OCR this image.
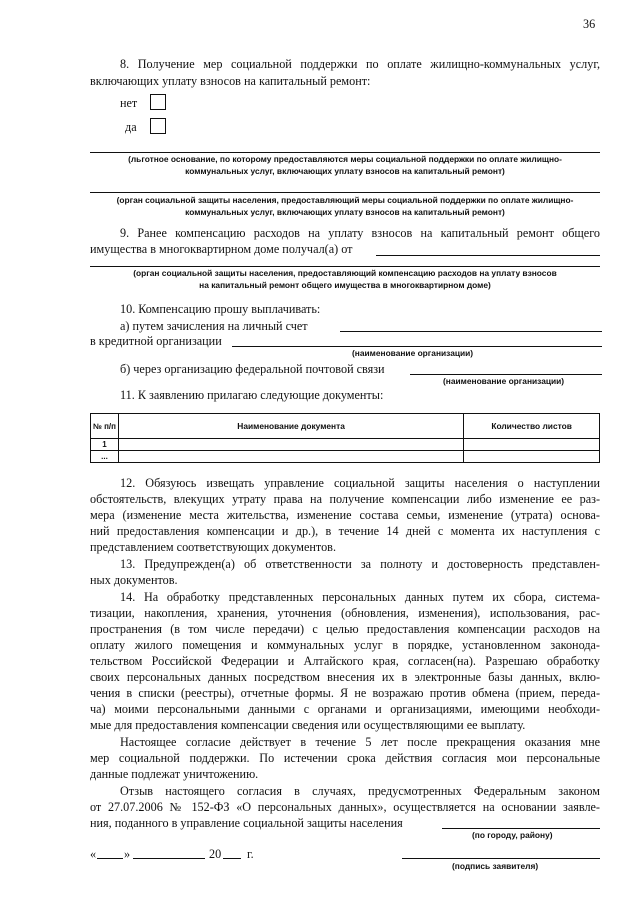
36
8. Получение мер социальной поддержки по оплате жилищно-коммунальных услуг,
включающих уплату взносов на капитальный ремонт:
нет
да
(льготное основание, по которому предоставляются меры социальной поддержки по оплате жилищно-
коммунальных услуг, включающих уплату взносов на капитальный ремонт)
(орган социальной защиты населения, предоставляющий меры социальной поддержки по оплате жилищно-
коммунальных услуг, включающих уплату взносов на капитальный ремонт)
9. Ранее компенсацию расходов на уплату взносов на капитальный ремонт общего
имущества в многоквартирном доме получал(а) от
(орган социальной защиты населения, предоставляющий компенсацию расходов на уплату взносов
на капитальный ремонт общего имущества в многоквартирном доме)
10. Компенсацию прошу выплачивать:
а) путем зачисления на личный счет
в кредитной организации
(наименование организации)
б) через организацию федеральной почтовой связи
(наименование организации)
11. К заявлению прилагаю следующие документы:
№ п/п	Наименование документа	Количество листов
1		
...		
12. Обязуюсь извещать управление социальной защиты населения о наступлении
обстоятельств, влекущих утрату права на получение компенсации либо изменение ее раз-
мера (изменение места жительства, изменение состава семьи, изменение (утрата) основа-
ний предоставления компенсации и др.), в течение 14 дней с момента их наступления с
представлением соответствующих документов.
13. Предупрежден(а) об ответственности за полноту и достоверность представлен-
ных документов.
14. На обработку представленных персональных данных путем их сбора, система-
тизации, накопления, хранения, уточнения (обновления, изменения), использования, рас-
пространения (в том числе передачи) с целью предоставления компенсации расходов на
оплату жилого помещения и коммунальных услуг в порядке, установленном законода-
тельством Российской Федерации и Алтайского края, согласен(на). Разрешаю обработку
своих персональных данных посредством внесения их в электронные базы данных, вклю-
чения в списки (реестры), отчетные формы. Я не возражаю против обмена (прием, переда-
ча) моими персональными данными с органами и организациями, имеющими необходи-
мые для предоставления компенсации сведения или осуществляющими ее выплату.
Настоящее согласие действует в течение 5 лет после прекращения оказания мне
мер социальной поддержки. По истечении срока действия согласия мои персональные
данные подлежат уничтожению.
Отзыв настоящего согласия в случаях, предусмотренных Федеральным законом
от 27.07.2006 № 152-ФЗ «О персональных данных», осуществляется на основании заявле-
ния, поданного в управление социальной защиты населения
(по городу, району)
« »	20 г.
(подпись заявителя)
